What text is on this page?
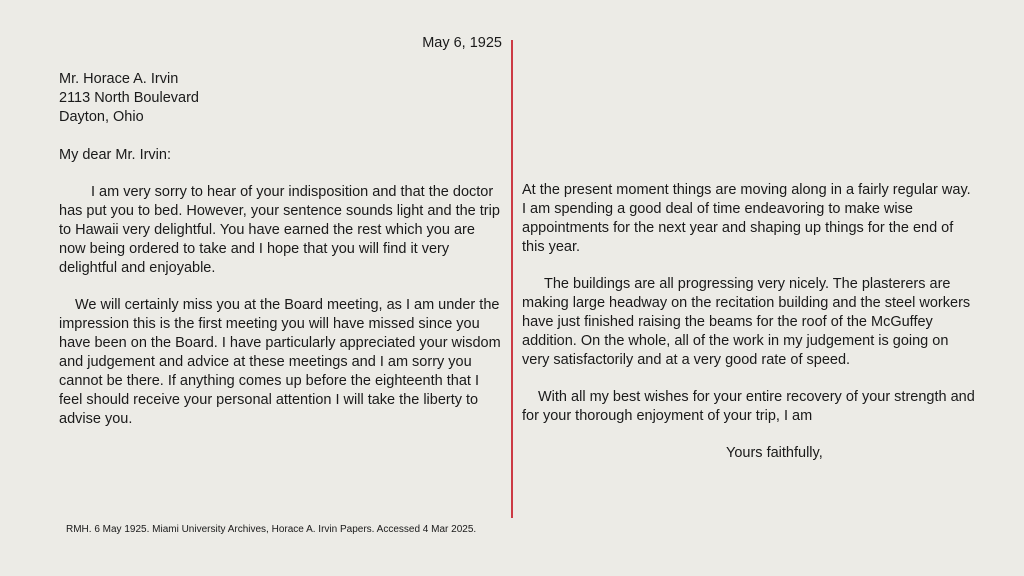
May 6, 1925
Mr. Horace A. Irvin
2113 North Boulevard
Dayton, Ohio

My dear Mr. Irvin:

I am very sorry to hear of your indisposition and that the doctor has put you to bed. However, your sentence sounds light and the trip to Hawaii very delightful. You have earned the rest which you are now being ordered to take and I hope that you will find it very delightful and enjoyable.

We will certainly miss you at the Board meeting, as I am under the impression this is the first meeting you will have missed since you have been on the Board. I have particularly appreciated your wisdom and judgement and advice at these meetings and I am sorry you cannot be there. If anything comes up before the eighteenth that I feel should receive your personal attention I will take the liberty to advise you.

At the present moment things are moving along in a fairly regular way. I am spending a good deal of time endeavoring to make wise appointments for the next year and shaping up things for the end of this year.

The buildings are all progressing very nicely. The plasterers are making large headway on the recitation building and the steel workers have just finished raising the beams for the roof of the McGuffey addition. On the whole, all of the work in my judgement is going on very satisfactorily and at a very good rate of speed.

With all my best wishes for your entire recovery of your strength and for your thorough enjoyment of your trip, I am

Yours faithfully,
RMH. 6 May 1925. Miami University Archives, Horace A. Irvin Papers. Accessed 4 Mar 2025.
